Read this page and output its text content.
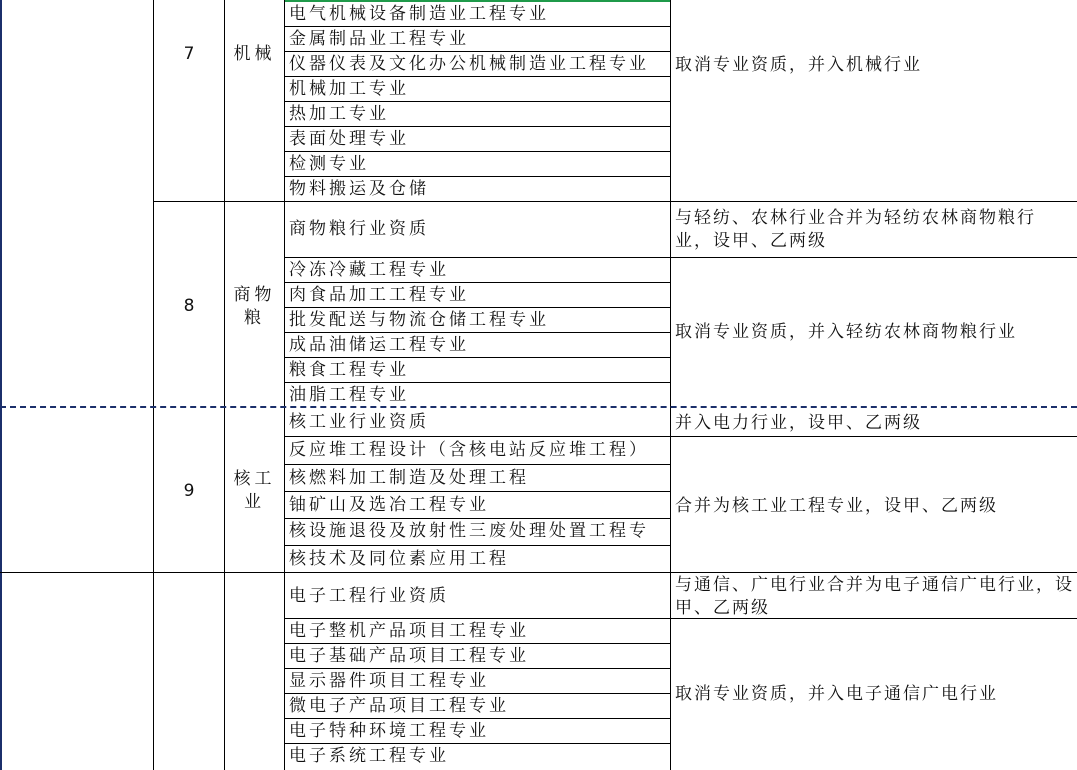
7	机械
电气机械设备制造业工程专业
金属制品业工程专业
仪器仪表及文化办公机械制造业工程专业
机械加工专业
热加工专业
表面处理专业
检测专业
物料搬运及仓储
取消专业资质，并入机械行业
8
商物
粮
商物粮行业资质
冷冻冷藏工程专业
肉食品加工工程专业
批发配送与物流仓储工程专业
成品油储运工程专业
粮食工程专业
油脂工程专业
与轻纺、农林行业合并为轻纺农林商物粮行业，设甲、乙两级
取消专业资质，并入轻纺农林商物粮行业
9
核工
业
核工业行业资质
反应堆工程设计（含核电站反应堆工程）
核燃料加工制造及处理工程
铀矿山及选冶工程专业
核设施退役及放射性三废处理处置工程专
核技术及同位素应用工程
并入电力行业，设甲、乙两级
合并为核工业工程专业，设甲、乙两级
电子工程行业资质
电子整机产品项目工程专业
电子基础产品项目工程专业
显示器件项目工程专业
微电子产品项目工程专业
电子特种环境工程专业
电子系统工程专业
与通信、广电行业合并为电子通信广电行业，设甲、乙两级
取消专业资质，并入电子通信广电行业
